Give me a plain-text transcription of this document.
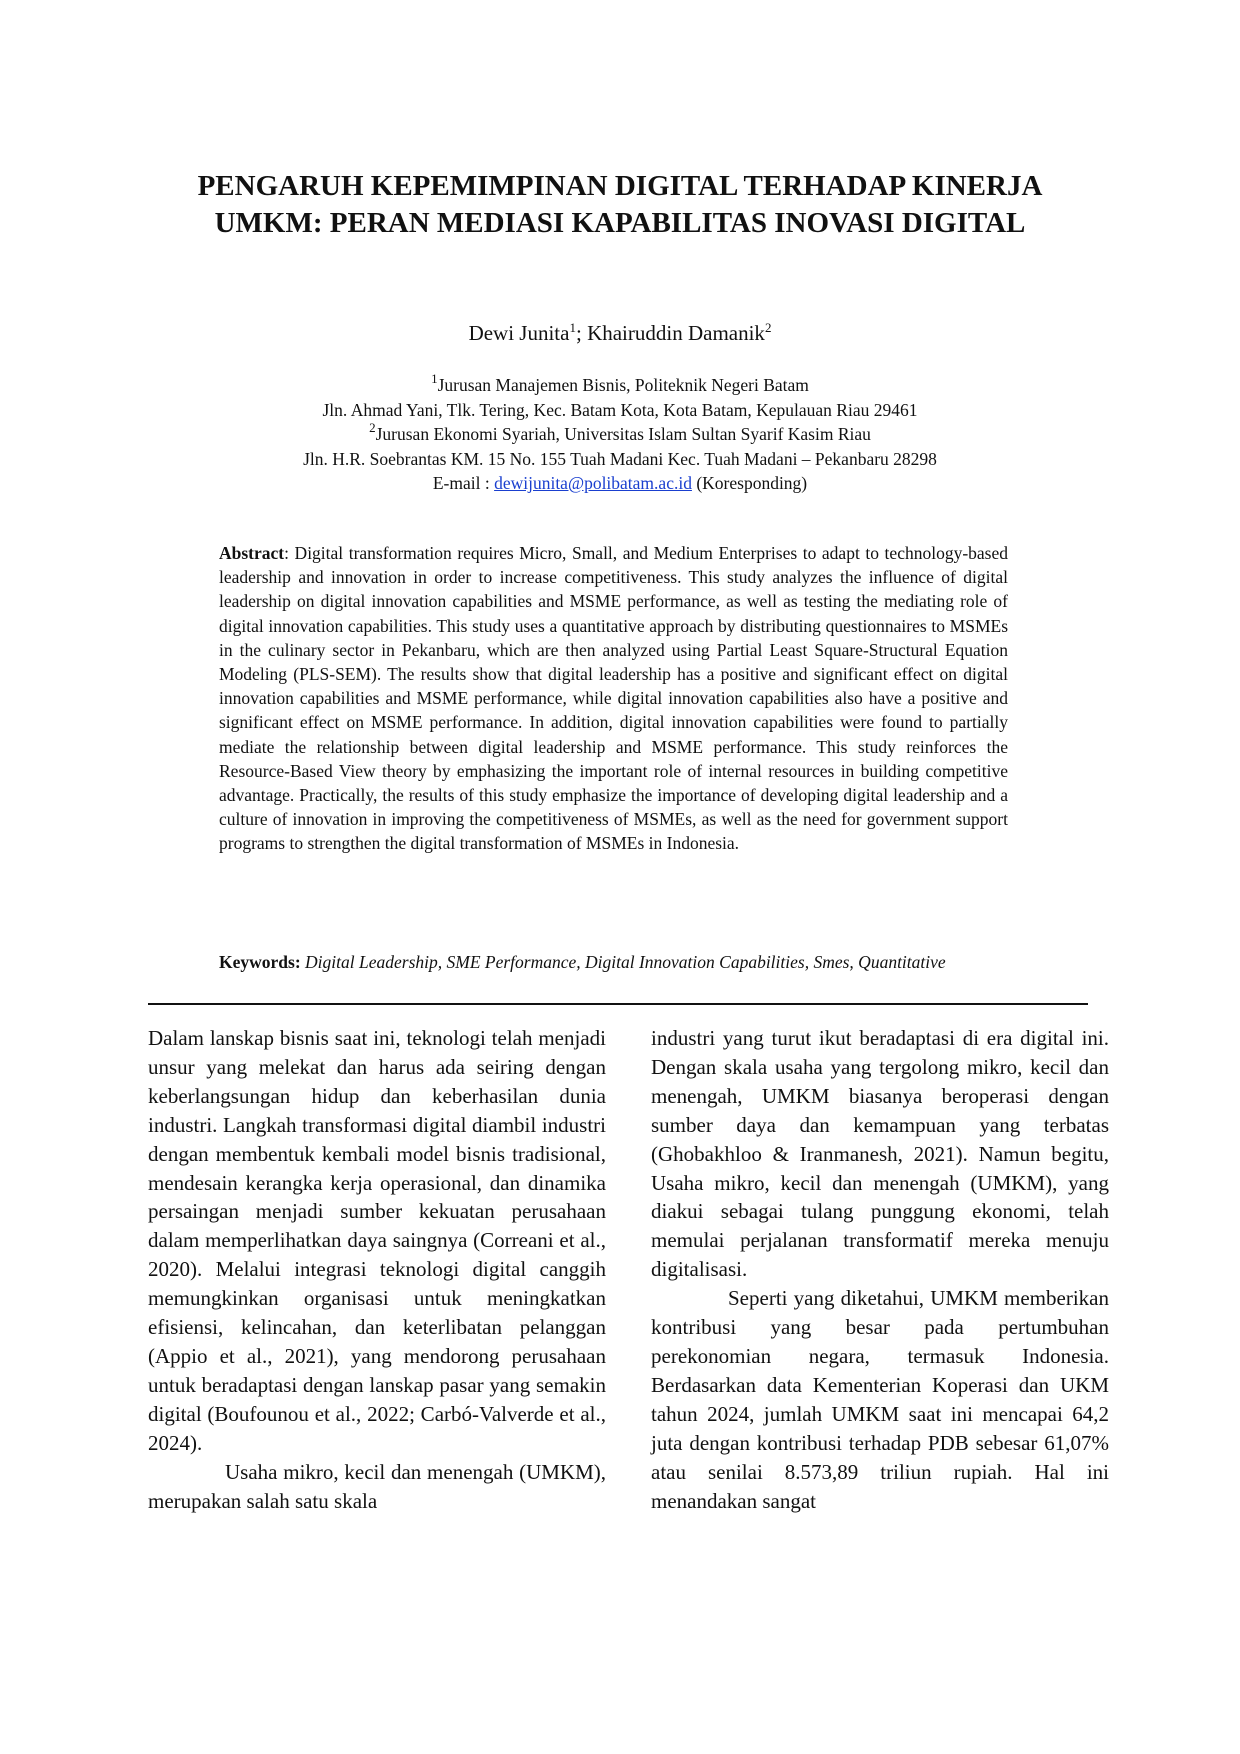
PENGARUH KEPEMIMPINAN DIGITAL TERHADAP KINERJA
UMKM: PERAN MEDIASI KAPABILITAS INOVASI DIGITAL
Dewi Junita$^1$; Khairuddin Damanik$^2$
$^1$Jurusan Manajemen Bisnis, Politeknik Negeri Batam
Jln. Ahmad Yani, Tlk. Tering, Kec. Batam Kota, Kota Batam, Kepulauan Riau 29461
$^2$Jurusan Ekonomi Syariah, Universitas Islam Sultan Syarif Kasim Riau
Jln. H.R. Soebrantas KM. 15 No. 155 Tuah Madani Kec. Tuah Madani – Pekanbaru 28298
E-mail : dewijunita@polibatam.ac.id (Koresponding)

Abstract: Digital transformation requires Micro, Small, and Medium Enterprises to adapt to technology-based leadership and innovation in order to increase competitiveness. This study analyzes the influence of digital leadership on digital innovation capabilities and MSME performance, as well as testing the mediating role of digital innovation capabilities. This study uses a quantitative approach by distributing questionnaires to MSMEs in the culinary sector in Pekanbaru, which are then analyzed using Partial Least Square-Structural Equation Modeling (PLS-SEM). The results show that digital leadership has a positive and significant effect on digital innovation capabilities and MSME performance, while digital innovation capabilities also have a positive and significant effect on MSME performance. In addition, digital innovation capabilities were found to partially mediate the relationship between digital leadership and MSME performance. This study reinforces the Resource-Based View theory by emphasizing the important role of internal resources in building competitive advantage. Practically, the results of this study emphasize the importance of developing digital leadership and a culture of innovation in improving the competitiveness of MSMEs, as well as the need for government support programs to strengthen the digital transformation of MSMEs in Indonesia.

Keywords: Digital Leadership, SME Performance, Digital Innovation Capabilities, Smes, Quantitative

Dalam lanskap bisnis saat ini, teknologi telah menjadi unsur yang melekat dan harus ada seiring dengan keberlangsungan hidup dan keberhasilan dunia industri. Langkah transformasi digital diambil industri dengan membentuk kembali model bisnis tradisional, mendesain kerangka kerja operasional, dan dinamika persaingan menjadi sumber kekuatan perusahaan dalam memperlihatkan daya saingnya (Correani et al., 2020). Melalui integrasi teknologi digital canggih memungkinkan organisasi untuk meningkatkan efisiensi, kelincahan, dan keterlibatan pelanggan (Appio et al., 2021), yang mendorong perusahaan untuk beradaptasi dengan lanskap pasar yang semakin digital (Boufounou et al., 2022; Carbó-Valverde et al., 2024).

Usaha mikro, kecil dan menengah (UMKM), merupakan salah satu skala

industri yang turut ikut beradaptasi di era digital ini. Dengan skala usaha yang tergolong mikro, kecil dan menengah, UMKM biasanya beroperasi dengan sumber daya dan kemampuan yang terbatas (Ghobakhloo & Iranmanesh, 2021). Namun begitu, Usaha mikro, kecil dan menengah (UMKM), yang diakui sebagai tulang punggung ekonomi, telah memulai perjalanan transformatif mereka menuju digitalisasi.

Seperti yang diketahui, UMKM memberikan kontribusi yang besar pada pertumbuhan perekonomian negara, termasuk Indonesia. Berdasarkan data Kementerian Koperasi dan UKM tahun 2024, jumlah UMKM saat ini mencapai 64,2 juta dengan kontribusi terhadap PDB sebesar 61,07% atau senilai 8.573,89 triliun rupiah. Hal ini menandakan sangat
